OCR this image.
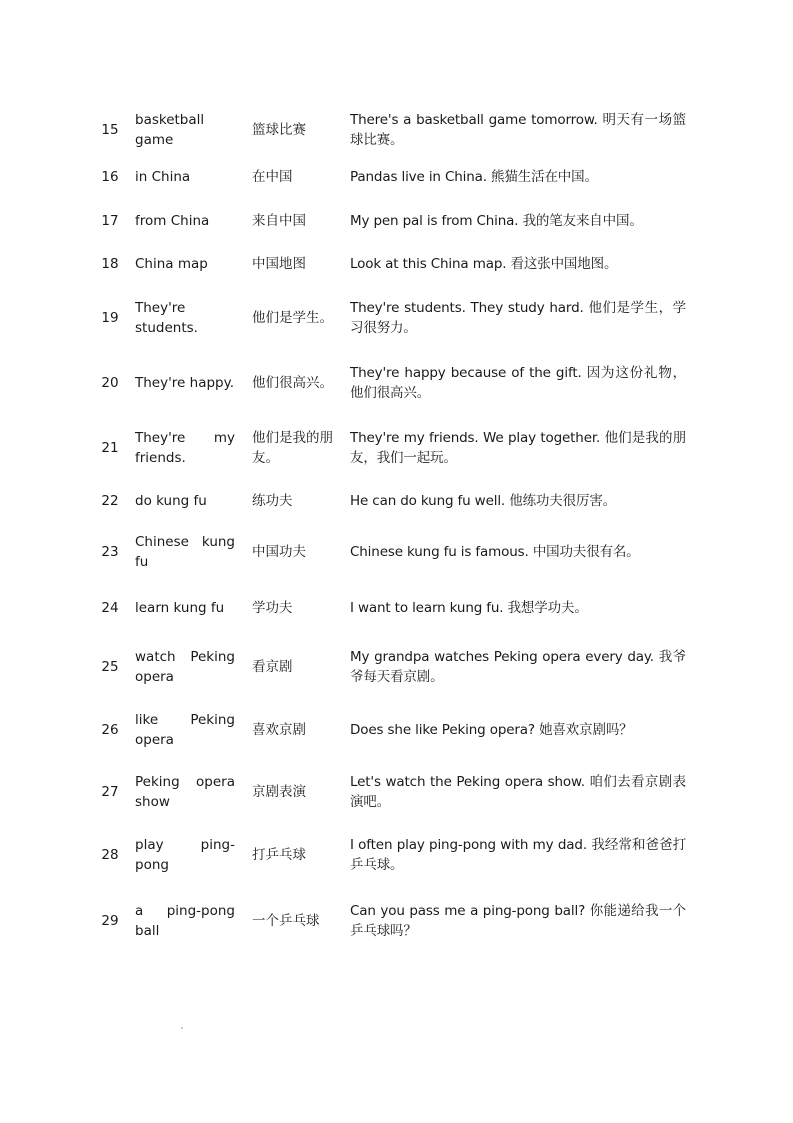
15	basketball game	篮球比赛	There's a basketball game tomorrow. 明天有一场篮球比赛。
16	in China	在中国	Pandas live in China. 熊猫生活在中国。
17	from China	来自中国	My pen pal is from China. 我的笔友来自中国。
18	China map	中国地图	Look at this China map. 看这张中国地图。
19	They're students.	他们是学生。	They're students. They study hard. 他们是学生，学习很努力。
20	They're happy.	他们很高兴。	They're happy because of the gift. 因为这份礼物，他们很高兴。
21	They're my friends.	他们是我的朋友。	They're my friends. We play together. 他们是我的朋友，我们一起玩。
22	do kung fu	练功夫	He can do kung fu well. 他练功夫很厉害。
23	Chinese kung fu	中国功夫	Chinese kung fu is famous. 中国功夫很有名。
24	learn kung fu	学功夫	I want to learn kung fu. 我想学功夫。
25	watch Peking opera	看京剧	My grandpa watches Peking opera every day. 我爷爷每天看京剧。
26	like Peking opera	喜欢京剧	Does she like Peking opera? 她喜欢京剧吗？
27	Peking opera show	京剧表演	Let's watch the Peking opera show. 咱们去看京剧表演吧。
28	play ping-pong	打乒乓球	I often play ping-pong with my dad. 我经常和爸爸打乒乓球。
29	a ping-pong ball	一个乒乓球	Can you pass me a ping-pong ball? 你能递给我一个乒乓球吗？
